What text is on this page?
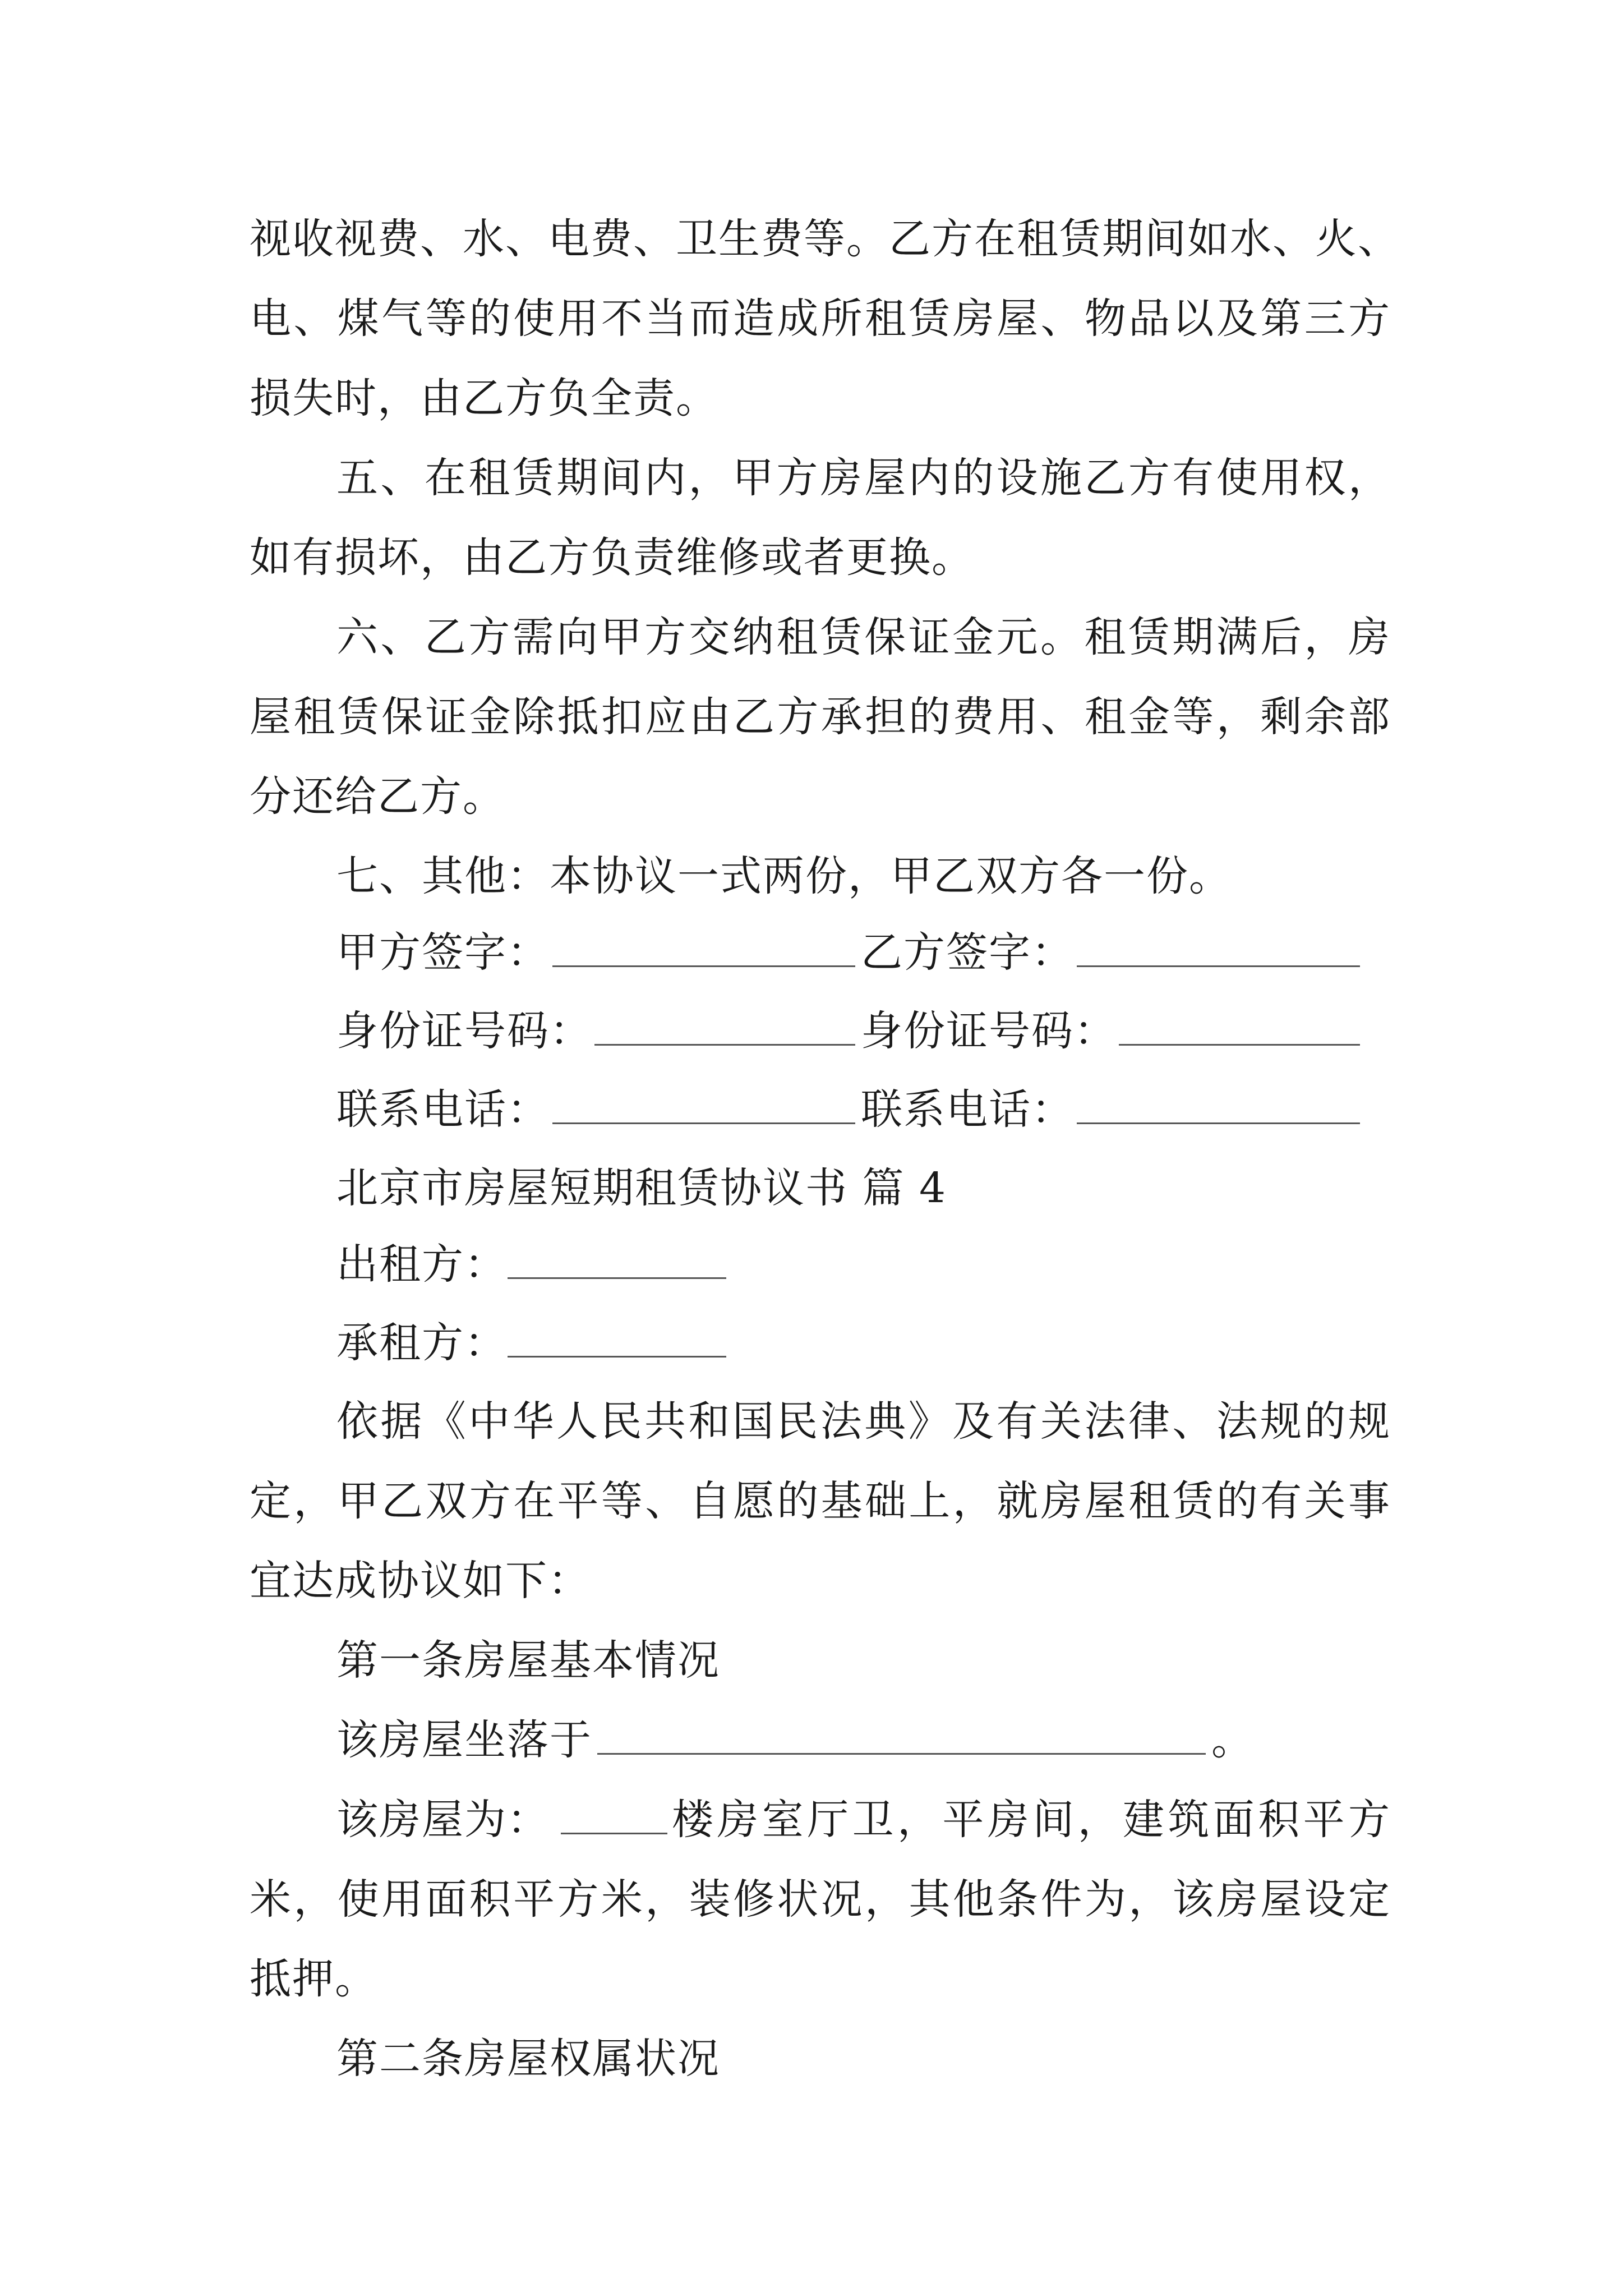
视收视费、水、电费、卫生费等。乙方在租赁期间如水、火、
电、煤气等的使用不当而造成所租赁房屋、物品以及第三方
损失时，由乙方负全责。
五、在租赁期间内，甲方房屋内的设施乙方有使用权，
如有损坏，由乙方负责维修或者更换。
六、乙方需向甲方交纳租赁保证金元。租赁期满后，房
屋租赁保证金除抵扣应由乙方承担的费用、租金等，剩余部
分还给乙方。
七、其他：本协议一式两份，甲乙双方各一份。
甲方签字：	乙方签字：
身份证号码：	身份证号码：
联系电话：	联系电话：
北京市房屋短期租赁协议书 篇 4
出租方：
承租方：
依据《中华人民共和国民法典》及有关法律、法规的规
定，甲乙双方在平等、自愿的基础上，就房屋租赁的有关事
宜达成协议如下：
第一条房屋基本情况
该房屋坐落于	。
该房屋为：	楼房室厅卫，平房间，建筑面积平方
米，使用面积平方米，装修状况，其他条件为，该房屋设定
抵押。
第二条房屋权属状况
